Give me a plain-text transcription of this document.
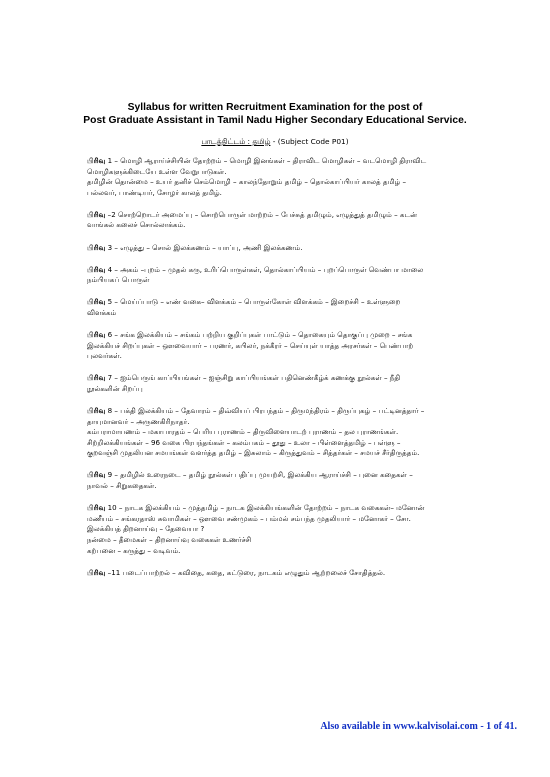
Syllabus for written Recruitment Examination for the post of
Post Graduate Assistant in Tamil Nadu Higher Secondary Educational Service.
பாடத்திட்டம் : தமிழ் - (Subject Code P01)
பிரிவு 1 – மொழி ஆராய்ச்சியின் தோற்றம் – மொழி இனங்கள் – திராவிட மொழிகள் – வடமொழி திராவிட
மொழிகளுக்கிடையே உள்ள வேறுபாடுகள்.
தமிழின் தொன்மை – உயர் தனிச் செம்மொழி – காலந்தோறும் தமிழ் – தொல்காப்பியர் காலத் தமிழ் –
பல்லவர், பாண்டியர், சோழர் காலத் தமிழ்.
பிரிவு –2 சொற்றொடர் அமைப்பு – சொற்பொருள் மாற்றம் – பேச்சுத் தமிழும், எழுத்துத் தமிழும் – கடன்
வாங்கல் கலைச் சொல்லாக்கம்.
பிரிவு 3 – எழுத்து – சொல் இலக்கணம் – யாப்பு, அணி இலக்கணம்.
பிரிவு 4 – அகம் –புறம் – முதல் கரு, உரிப்பொருள்கள், தொல்காப்பியம் – புறப்பொருள் வெண்பா மாலை
நம்பியகப் பொருள்
பிரிவு 5 – மெய்ப்பாடு – எண் வகை– விளக்கம் – பொருள்கோள் விளக்கம் – இறைச்சி – உள்ளுறை
விளக்கம்
பிரிவு 6 – சங்க இலக்கியம் – சங்கம் பற்றிய குறிப்புகள் பாட்டும் – தொகையும் தொகுப்பு முறை – சங்க
இலக்கியச் சிறப்புகள் – ஔவையார் – பரணர், கபிலர், நக்கீரர் – செய்யுள் யாத்த அரசர்கள் – பெண்பாற்
புலவர்கள்.
பிரிவு 7 – ஐம்பெருங் காப்பியங்கள் – ஐஞ்சிறு காப்பியங்கள் பதினெண்கீழ்க் கணக்கு நூல்கள் – நீதி
நூல்களின் சிறப்பு
பிரிவு 8 – பக்தி இலக்கியம் – தேவாரம் – திவ்வியப் பிரபந்தம் – திருமந்திரம் – திருப்புகழ் – பட்டினத்தார் –
தாயுமானவர் – அருணகிரிநாதர்.
கம்பராமாயணம் – மகாபாரதம் – பெரிய புராணம் – திருவிளையாடற் புராணம் – தல புராணங்கள்.
சிற்றிலக்கியங்கள் – 96 வகை பிரபந்தங்கள் – கலம்பகம் – தூது – உலா – பிள்ளைத்தமிழ் – பள்ளு –
குறவஞ்சி முதலியன சமயங்கள் வளர்த்த தமிழ் – இசுலாம் – கிருத்துவம் – சித்தர்கள் – சமயச் சீர்திருத்தம்.
பிரிவு 9 – தமிழில் உரைநடை – தமிழ் நூல்கள் பதிப்பு முயற்சி, இலக்கிய ஆராய்ச்சி – புனை கதைகள் –
நாவல் – சிறுகதைகள்.
பிரிவு 10 – நாடக இலக்கியம் – முத்தமிழ் – நாடக இலக்கியங்களின் தோற்றம் – நாடக வகைகள்– மனோன்
மணீயம் – சங்கரதாஸ் சுவாமிகள் – ஔவை சண்முகம் – பம்மல் சம்பந்த முதலியார் – மனோகர் – சோ.
இலக்கியத் திறனாய்வு – தேவையா ?
நன்மை – தீமைகள் – திறனாய்வு வகைகள் உணர்ச்சி
கற்பனை – கருத்து – வடிவம்.
பிரிவு –11 படைப்பாற்றல் – கவிதை, கதை, கட்டுரை, நாடகம் எழுதும் ஆற்றலைச் சோதித்தல்.
Also available in www.kalvisolai.com - 1 of 41.
